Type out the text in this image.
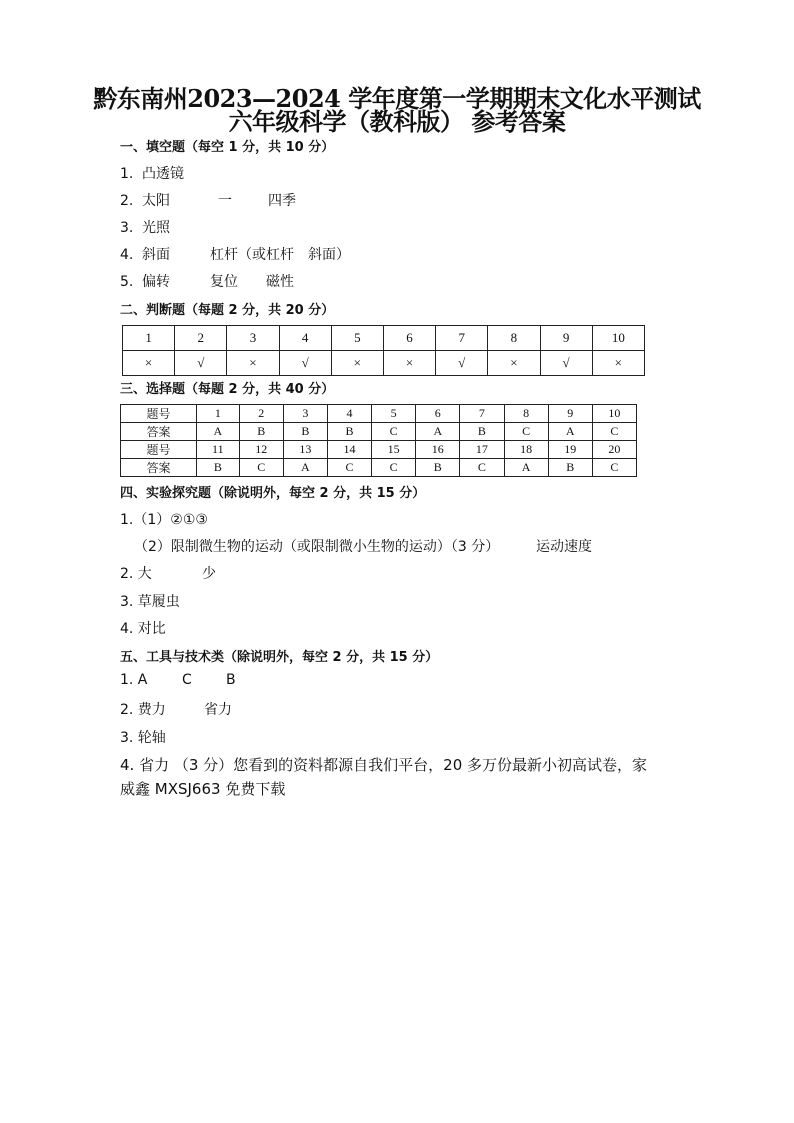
黔东南州2023—2024 学年度第一学期期末文化水平测试
六年级科学（教科版） 参考答案
一、填空题（每空 1 分，共 10 分）
1. 凸透镜
2. 太阳	一	四季
3. 光照
4. 斜面	杠杆（或杠杆 斜面）
5. 偏转	复位 磁性
二、判断题（每题 2 分，共 20 分）
1	2	3	4	5	6	7	8	9	10
×	√	×	√	×	×	√	×	√	×
三、选择题（每题 2 分，共 40 分）
题号	1	2	3	4	5	6	7	8	9	10
答案	A	B	B	B	C	A	B	C	A	C
题号	11	12	13	14	15	16	17	18	19	20
答案	B	C	A	C	C	B	C	A	B	C
四、实验探究题（除说明外，每空 2 分，共 15 分）
1.（1）②①③
（2）限制微生物的运动（或限制微小生物的运动）（3 分）	运动速度
2. 大	少
3. 草履虫
4. 对比
五、工具与技术类（除说明外，每空 2 分，共 15 分）
1. A C B
2. 费力	省力
3. 轮轴
4. 省力 （3 分）您看到的资料都源自我们平台，20 多万份最新小初高试卷，家
威鑫 MXSJ663 免费下载
